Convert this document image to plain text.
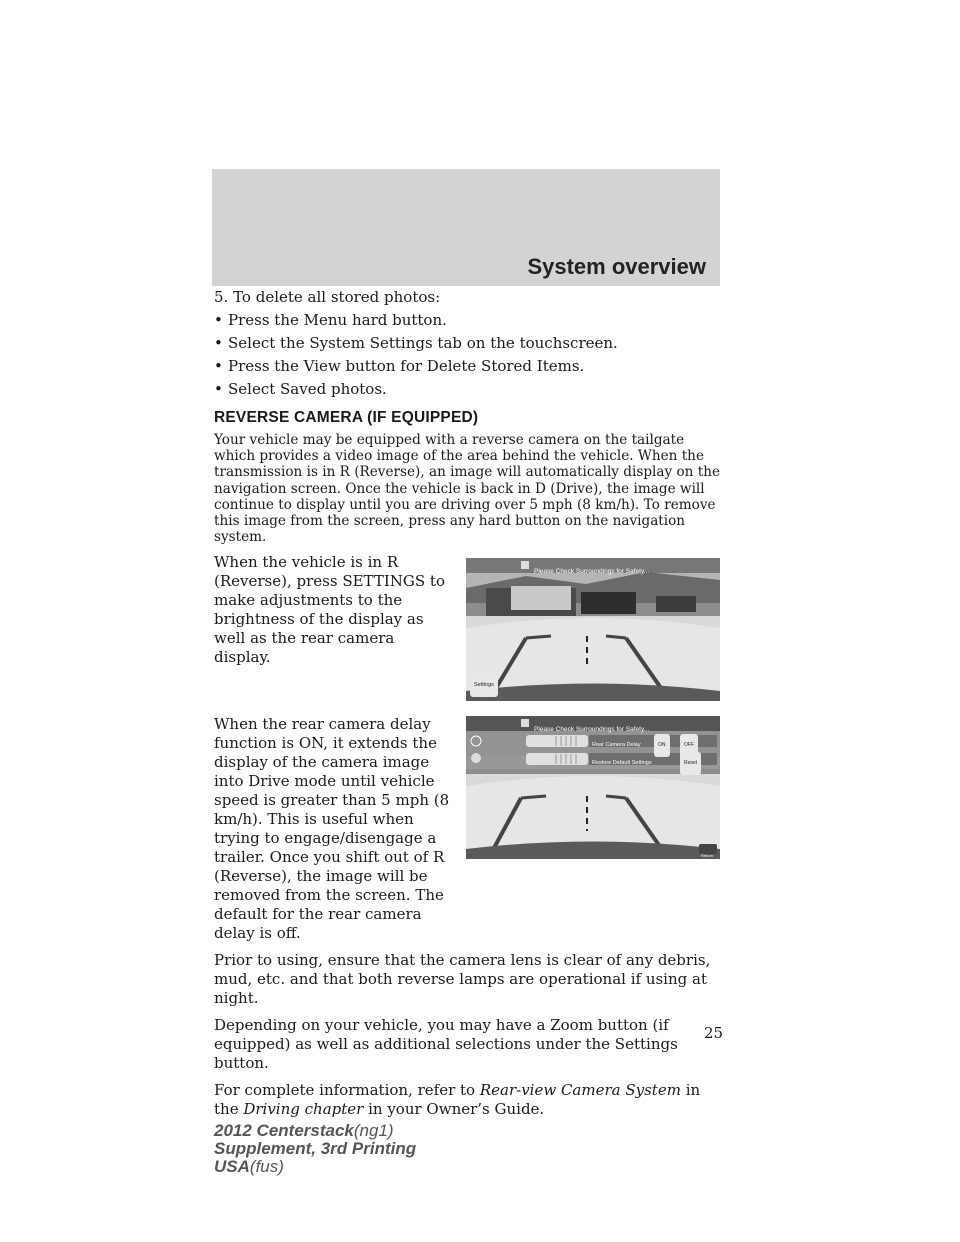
System overview

5. To delete all stored photos:

• Press the Menu hard button.
• Select the System Settings tab on the touchscreen.
• Press the View button for Delete Stored Items.
• Select Saved photos.
REVERSE CAMERA (IF EQUIPPED)

Your vehicle may be equipped with a reverse camera on the tailgate which provides a video image of the area behind the vehicle. When the transmission is in R (Reverse), an image will automatically display on the navigation screen. Once the vehicle is back in D (Drive), the image will continue to display until you are driving over 5 mph (8 km/h). To remove this image from the screen, press any hard button on the navigation system.

When the vehicle is in R (Reverse), press SETTINGS to make adjustments to the brightness of the display as well as the rear camera display.

Please Check Surroundings for Safety...
Settings

When the rear camera delay function is ON, it extends the display of the camera image into Drive mode until vehicle speed is greater than 5 mph (8 km/h). This is useful when trying to engage/disengage a trailer. Once you shift out of R (Reverse), the image will be removed from the screen. The default for the rear camera delay is off.

Please Check Surroundings for Safety...
Rear Camera Delay	ON	OFF
Restore Default Settings	Reset
Return

Prior to using, ensure that the camera lens is clear of any debris, mud, etc. and that both reverse lamps are operational if using at night.

Depending on your vehicle, you may have a Zoom button (if equipped) as well as additional selections under the Settings button.

For complete information, refer to Rear-view Camera System in the Driving chapter in your Owner’s Guide.

25
2012 Centerstack(ng1)
Supplement, 3rd Printing
USA(fus)
